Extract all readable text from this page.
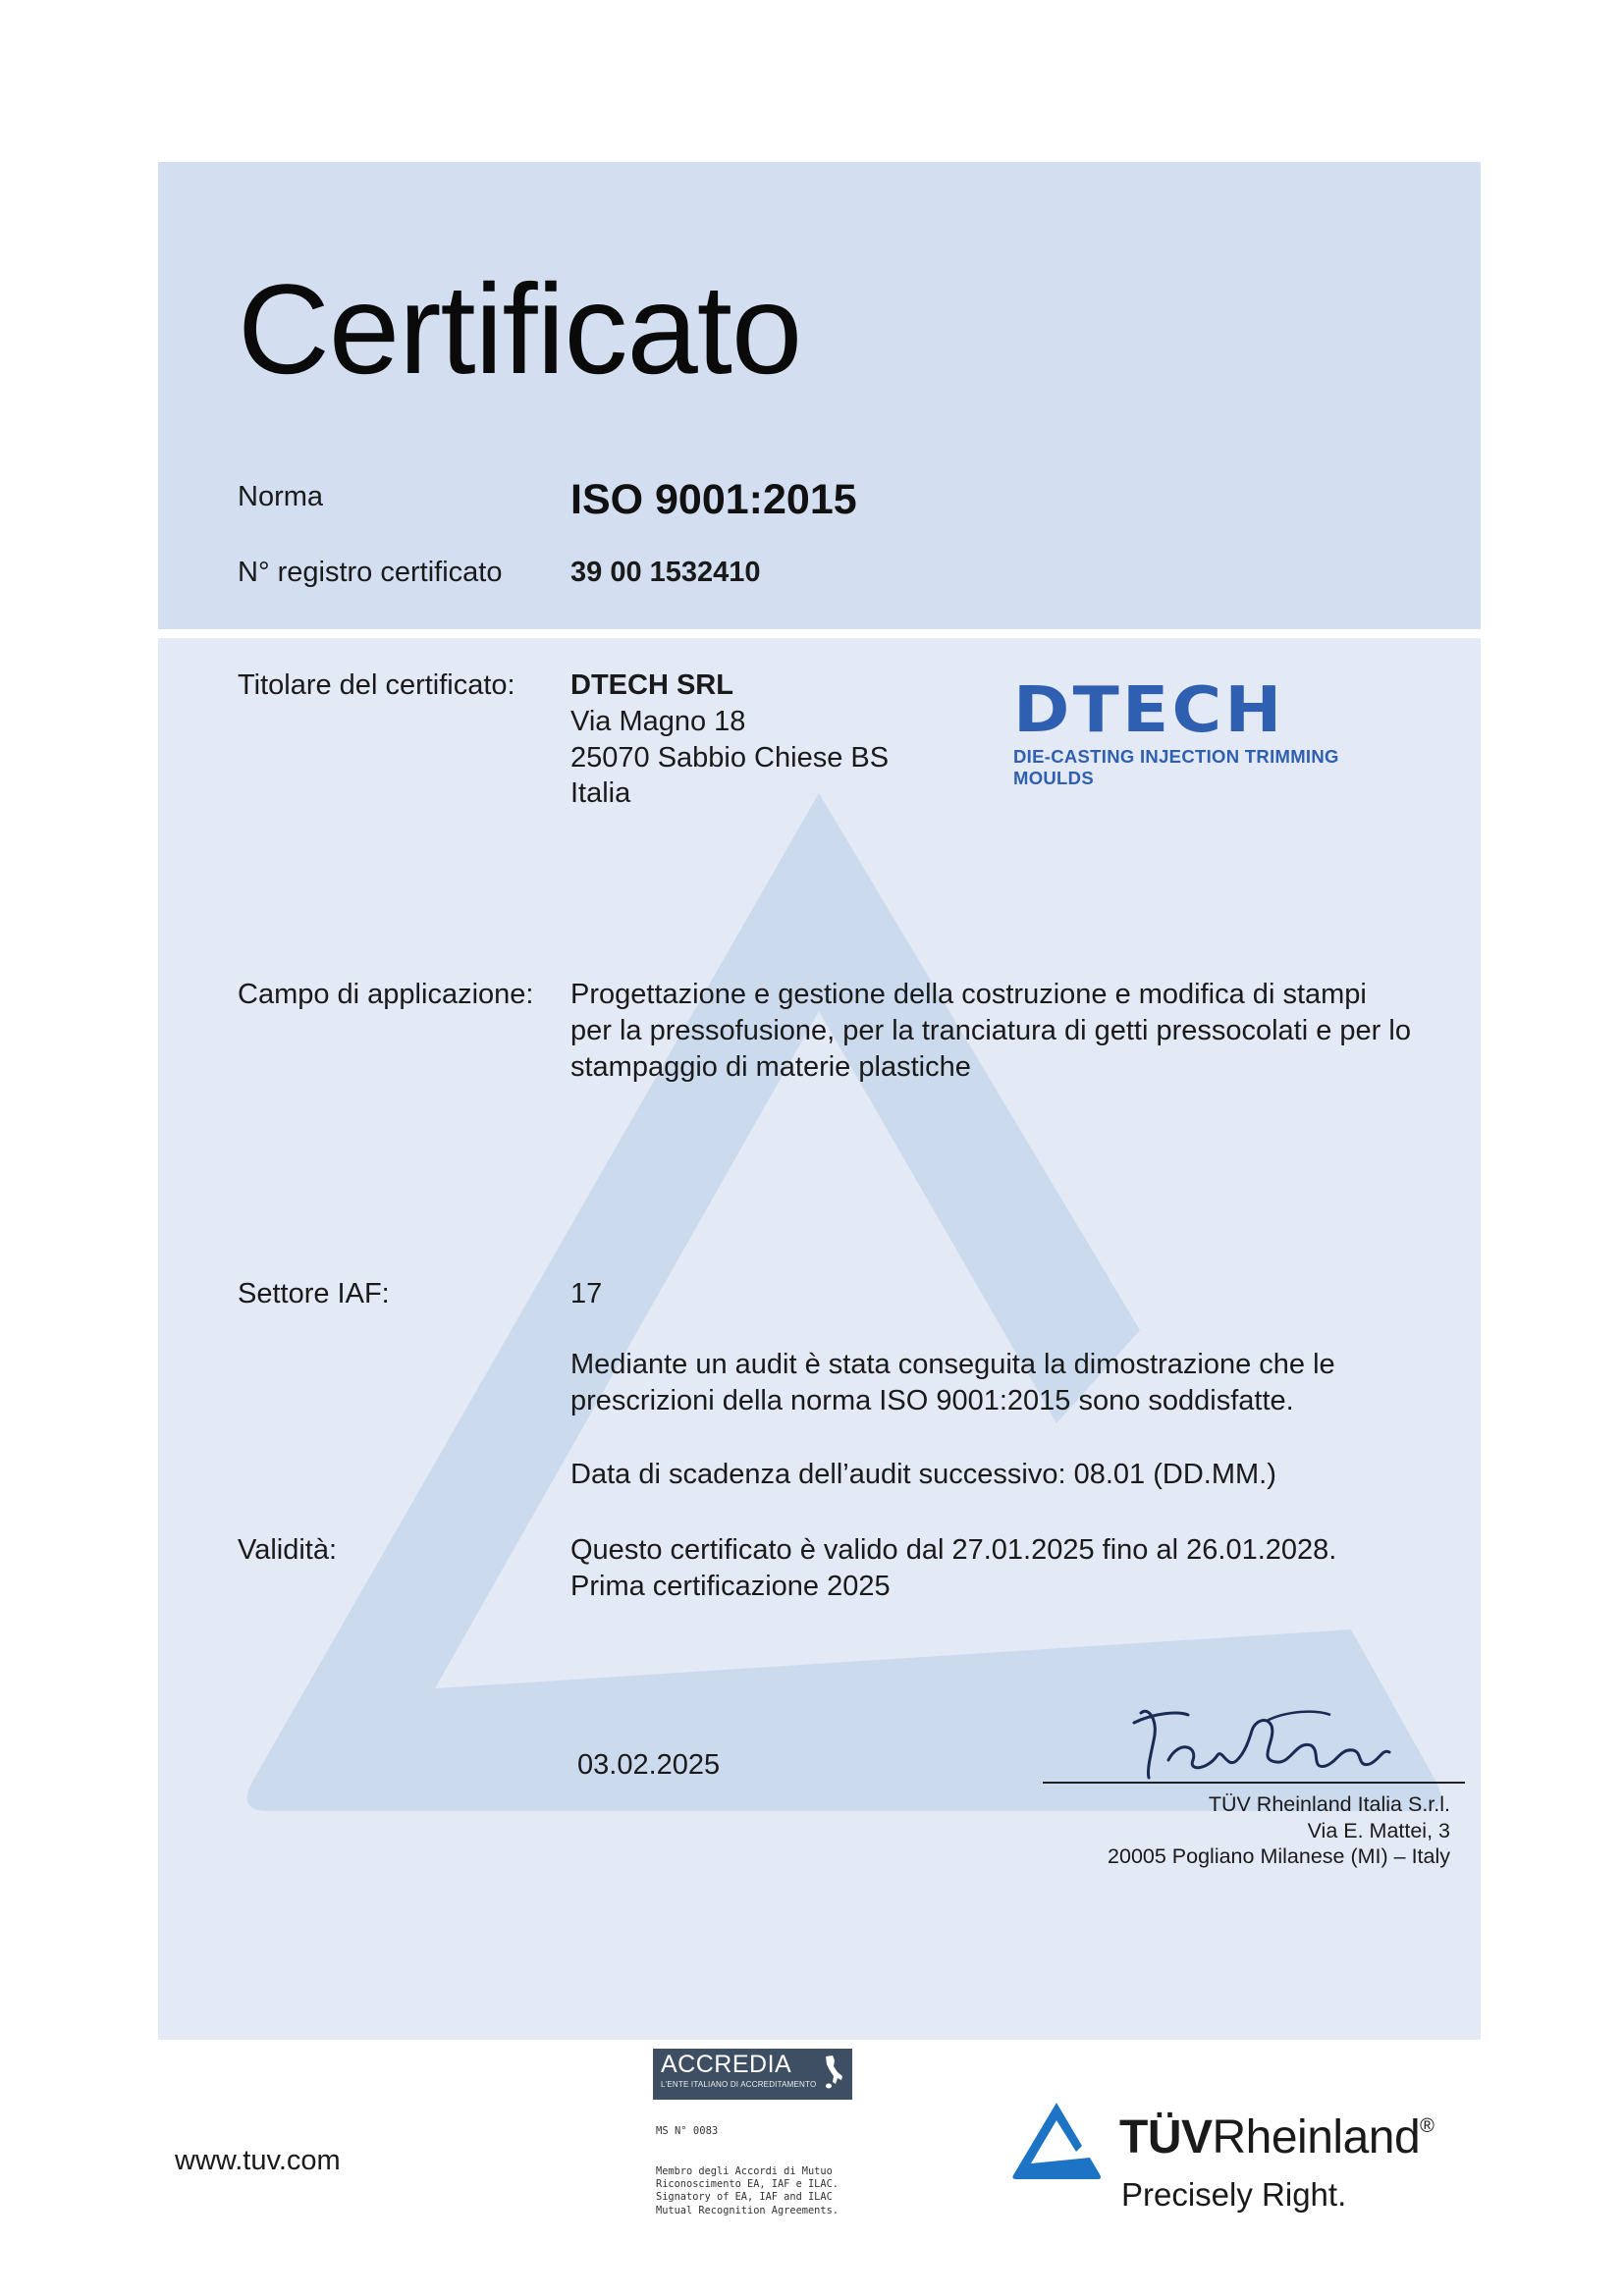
Certificato
Norma	ISO 9001:2015
N° registro certificato 39 00 1532410
Titolare del certificato: DTECH SRL
Via Magno 18
25070 Sabbio Chiese BS
Italia
DTECH
DIE-CASTING INJECTION TRIMMING MOULDS
Campo di applicazione: Progettazione e gestione della costruzione e modifica di stampi
per la pressofusione, per la tranciatura di getti pressocolati e per lo
stampaggio di materie plastiche
Settore IAF:	17
Mediante un audit è stata conseguita la dimostrazione che le
prescrizioni della norma ISO 9001:2015 sono soddisfatte.
Data di scadenza dell’audit successivo: 08.01 (DD.MM.)
Validità:	Questo certificato è valido dal 27.01.2025 fino al 26.01.2028.
Prima certificazione 2025
03.02.2025
TÜV Rheinland Italia S.r.l.
Via E. Mattei, 3
20005 Pogliano Milanese (MI) – Italy
www.tuv.com
ACCREDIA
L'ENTE ITALIANO DI ACCREDITAMENTO
MS N° 0083
Membro degli Accordi di Mutuo
Riconoscimento EA, IAF e ILAC.
Signatory of EA, IAF and ILAC
Mutual Recognition Agreements.
TÜVRheinland®
Precisely Right.
